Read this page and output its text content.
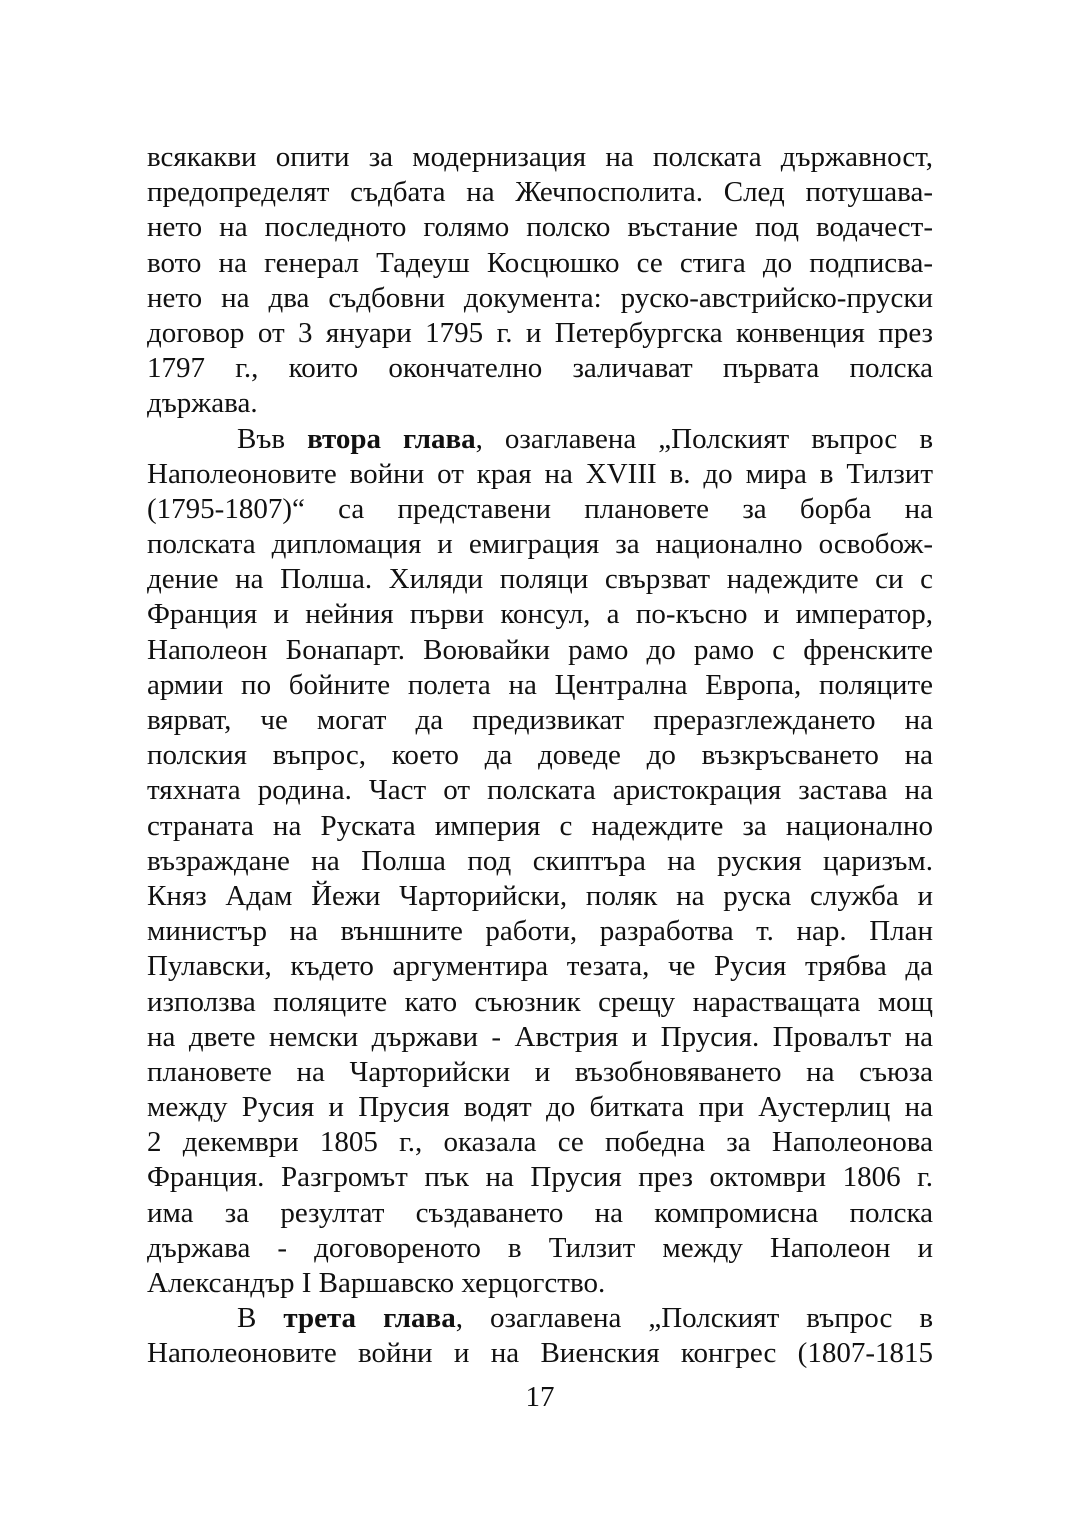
всякакви опити за модернизация на полската държавност,
предопределят съдбата на Жечпосполита. След потушава-
нето на последното голямо полско въстание под водачест-
вото на генерал Тадеуш Косцюшко се стига до подписва-
нето на два съдбовни документа: руско-австрийско-пруски
договор от 3 януари 1795 г. и Петербургска конвенция през
1797 г., които окончателно заличават първата полска
държава.
Във втора глава, озаглавена „Полският въпрос в
Наполеоновите войни от края на XVIII в. до мира в Тилзит
(1795-1807)“ са представени плановете за борба на
полската дипломация и емиграция за национално освобож-
дение на Полша. Хиляди поляци свързват надеждите си с
Франция и нейния първи консул, а по-късно и император,
Наполеон Бонапарт. Воювайки рамо до рамо с френските
армии по бойните полета на Централна Европа, поляците
вярват, че могат да предизвикат преразглеждането на
полския въпрос, което да доведе до възкръсването на
тяхната родина. Част от полската аристокрация застава на
страната на Руската империя с надеждите за национално
възраждане на Полша под скиптъра на руския царизъм.
Княз Адам Йежи Чарторийски, поляк на руска служба и
министър на външните работи, разработва т. нар. План
Пулавски, където аргументира тезата, че Русия трябва да
използва поляците като съюзник срещу нарастващата мощ
на двете немски държави - Австрия и Прусия. Провалът на
плановете на Чарторийски и възобновяването на съюза
между Русия и Прусия водят до битката при Аустерлиц на
2 декември 1805 г., оказала се победна за Наполеонова
Франция. Разгромът пък на Прусия през октомври 1806 г.
има за резултат създаването на компромисна полска
държава - договореното в Тилзит между Наполеон и
Александър I Варшавско херцогство.
В трета глава, озаглавена „Полският въпрос в
Наполеоновите войни и на Виенския конгрес (1807-1815
17
